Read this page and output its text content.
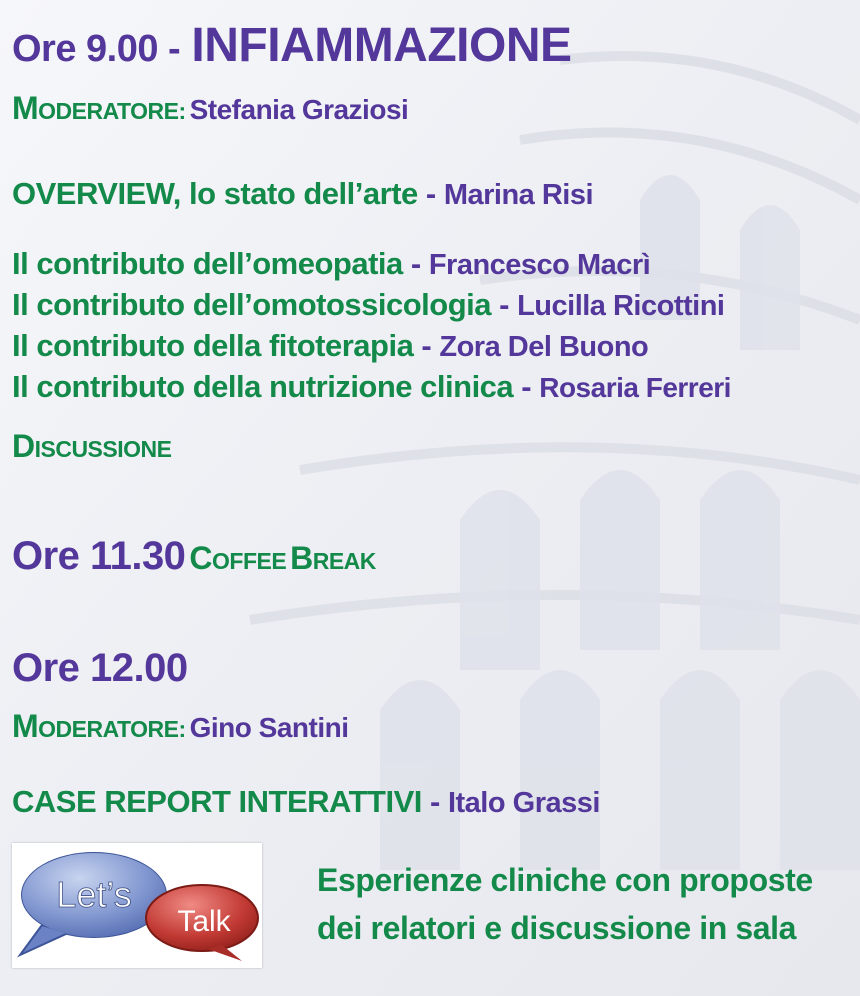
Ore 9.00 - INFIAMMAZIONE
MODERATORE: Stefania Graziosi
OVERVIEW, lo stato dell’arte - Marina Risi
Il contributo dell’omeopatia - Francesco Macrì
Il contributo dell’omotossicologia - Lucilla Ricottini
Il contributo della fitoterapia - Zora Del Buono
Il contributo della nutrizione clinica - Rosaria Ferreri
DISCUSSIONE
Ore 11.30 COFFEE BREAK
Ore 12.00
MODERATORE: Gino Santini
CASE REPORT INTERATTIVI - Italo Grassi
Let’s
Talk
Esperienze cliniche con proposte
dei relatori e discussione in sala
